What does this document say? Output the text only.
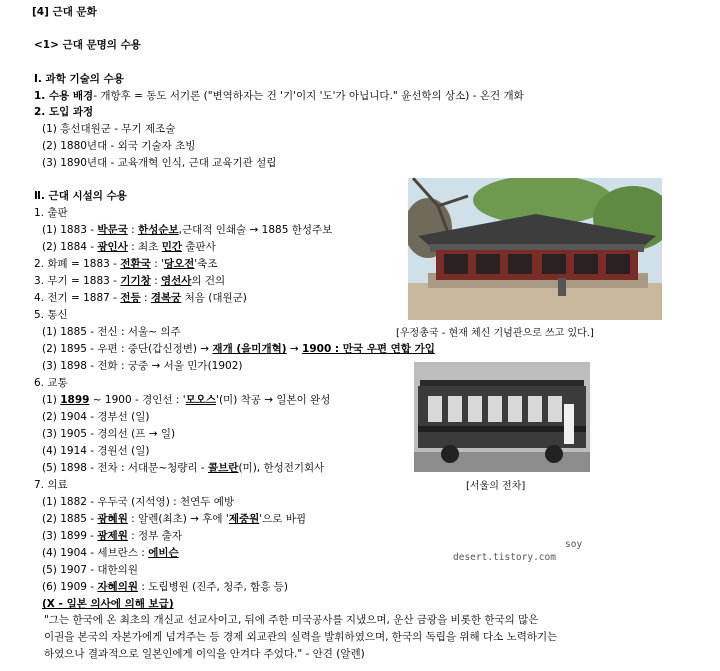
[4] 근대 문화
<1> 근대 문명의 수용
Ⅰ. 과학 기술의 수용
1. 수용 배경- 개항후 = 동도 서기론 ("변역하자는 건 '기'이지 '도'가 아닙니다." 윤선학의 상소) - 온건 개화
2. 도입 과정
(1) 흥선대원군 - 무기 제조술
(2) 1880년대 - 외국 기술자 초빙
(3) 1890년대 - 교육개혁 인식, 근대 교육기관 설립
Ⅱ. 근대 시설의 수용
1. 출판
(1) 1883 - 박문국 : 한성순보,근대적 인쇄술 → 1885 한성주보
(2) 1884 - 광인사 : 최초 민간 출판사
2. 화폐 = 1883 - 전환국 : '당오전'축조
3. 무기 = 1883 - 기기창 : 영선사의 건의
4. 전기 = 1887 - 전등 : 경복궁 처음 (대원군)
5. 통신
(1) 1885 - 전신 : 서울~ 의주
(2) 1895 - 우편 : 중단(갑신정변) → 재개 (을미개혁) → 1900 : 만국 우편 연합 가입
(3) 1898 - 전화 : 궁중 → 서울 민가(1902)
6. 교통
(1) 1899 ~ 1900 - 경인선 : '모오스'(미) 착공 → 일본이 완성
(2) 1904 - 경부선 (일)
(3) 1905 - 경의선 (프 → 일)
(4) 1914 - 경원선 (일)
(5) 1898 - 전차 : 서대문~청량리 - 콜브란(미), 한성전기회사
7. 의료
(1) 1882 - 우두국 (지석영) : 천연두 예방
(2) 1885 - 광혜원 : 알렌(최초) → 후에 '제중원'으로 바뀜
(3) 1899 - 광제원 : 정부 출자
(4) 1904 - 세브란스 : 에비슨
(5) 1907 - 대한의원
(6) 1909 - 자혜의원 : 도립병원 (진주, 청주, 함흥 등)
(X - 일본 의사에 의해 보급)
"그는 한국에 온 최초의 개신교 선교사이고, 뒤에 주한 미국공사를 지냈으며, 운산 금광을 비롯한 한국의 많은
이권을 본국의 자본가에게 넘겨주는 등 경제 외교관의 실력을 발휘하였으며, 한국의 독립을 위해 다소 노력하기는
하였으나 결과적으로 일본인에게 이익을 안겨다 주었다." - 안견 (알렌)
[우정총국 - 현재 체신 기념관으로 쓰고 있다.]
[서울의 전차]
soy
desert.tistory.com
